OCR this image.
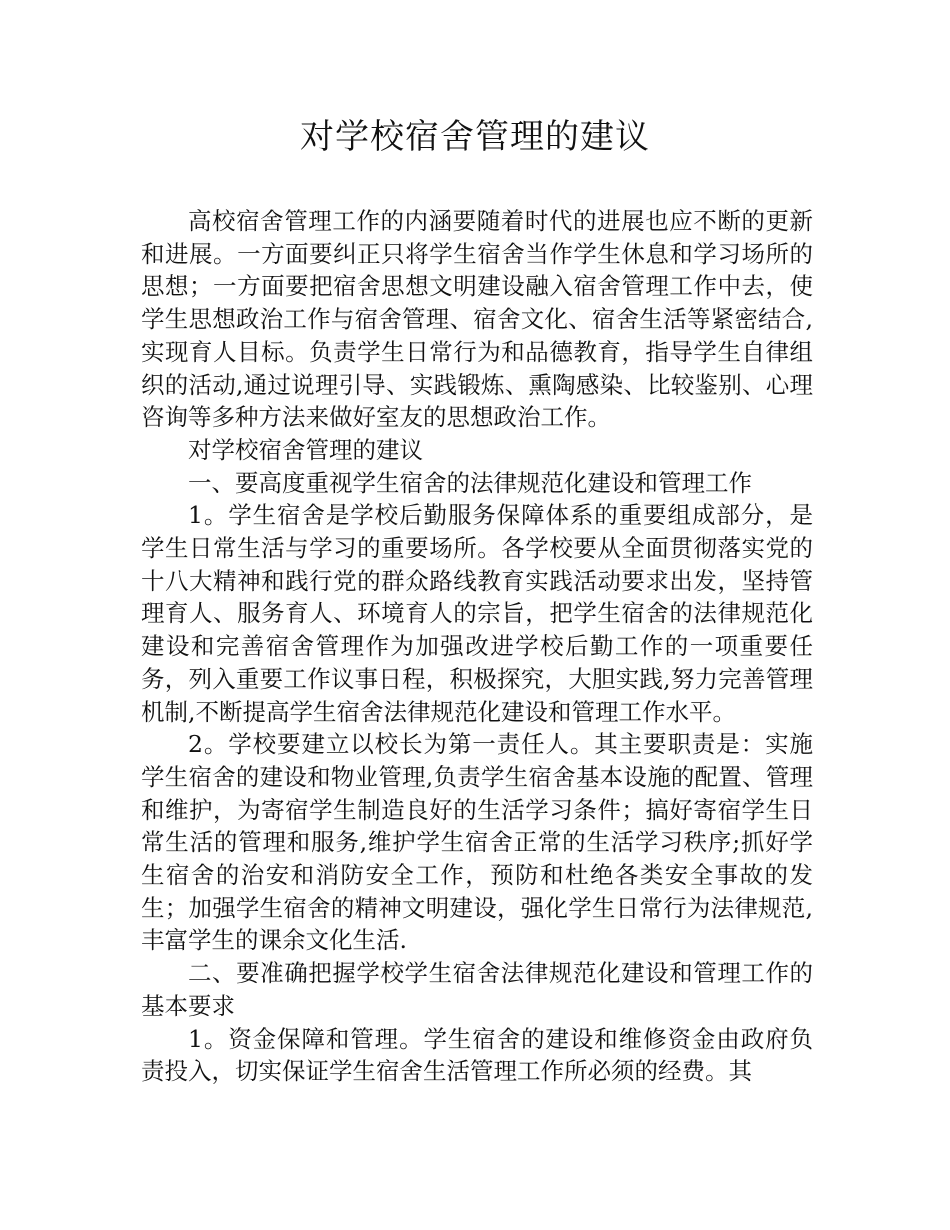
对学校宿舍管理的建议

高校宿舍管理工作的内涵要随着时代的进展也应不断的更新和进展。一方面要纠正只将学生宿舍当作学生休息和学习场所的思想；一方面要把宿舍思想文明建设融入宿舍管理工作中去，使学生思想政治工作与宿舍管理、宿舍文化、宿舍生活等紧密结合,实现育人目标。负责学生日常行为和品德教育，指导学生自律组织的活动,通过说理引导、实践锻炼、熏陶感染、比较鉴别、心理咨询等多种方法来做好室友的思想政治工作。

对学校宿舍管理的建议

一、要高度重视学生宿舍的法律规范化建设和管理工作

1。学生宿舍是学校后勤服务保障体系的重要组成部分，是学生日常生活与学习的重要场所。各学校要从全面贯彻落实党的十八大精神和践行党的群众路线教育实践活动要求出发，坚持管理育人、服务育人、环境育人的宗旨，把学生宿舍的法律规范化建设和完善宿舍管理作为加强改进学校后勤工作的一项重要任务，列入重要工作议事日程，积极探究，大胆实践,努力完善管理机制,不断提高学生宿舍法律规范化建设和管理工作水平。

2。学校要建立以校长为第一责任人。其主要职责是：实施学生宿舍的建设和物业管理,负责学生宿舍基本设施的配置、管理和维护，为寄宿学生制造良好的生活学习条件；搞好寄宿学生日常生活的管理和服务,维护学生宿舍正常的生活学习秩序;抓好学生宿舍的治安和消防安全工作，预防和杜绝各类安全事故的发生；加强学生宿舍的精神文明建设，强化学生日常行为法律规范,丰富学生的课余文化生活.

二、要准确把握学校学生宿舍法律规范化建设和管理工作的基本要求

1。资金保障和管理。学生宿舍的建设和维修资金由政府负责投入，切实保证学生宿舍生活管理工作所必须的经费。其
